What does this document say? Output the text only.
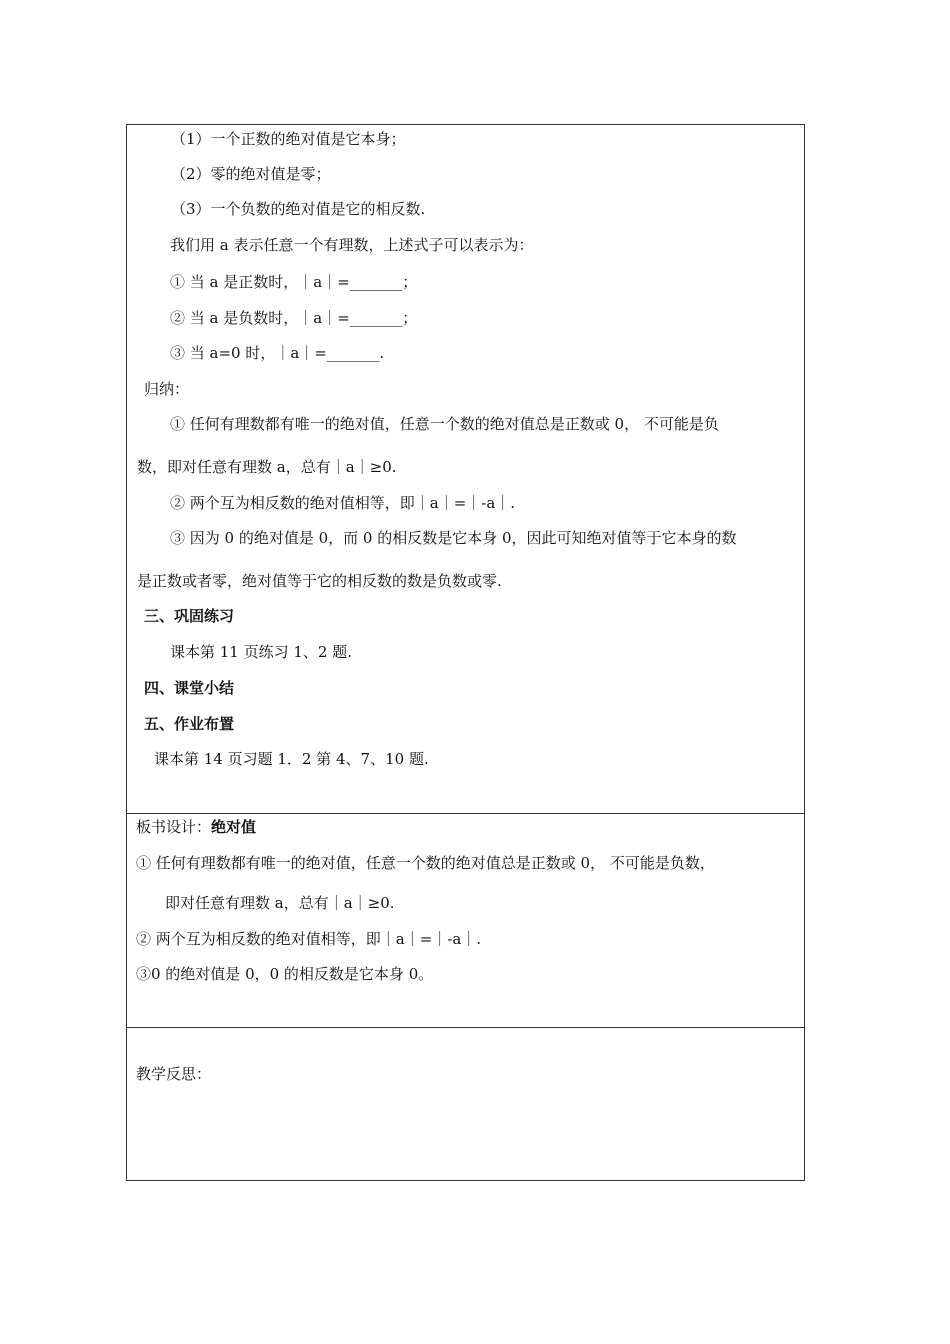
（1）一个正数的绝对值是它本身；
（2）零的绝对值是零；
（3）一个负数的绝对值是它的相反数.
我们用 a 表示任意一个有理数，上述式子可以表示为：
① 当 a 是正数时，｜a｜=_______；
② 当 a 是负数时，｜a｜=_______；
③ 当 a=0 时，｜a｜=_______.
归纳：
① 任何有理数都有唯一的绝对值，任意一个数的绝对值总是正数或 0， 不可能是负
数，即对任意有理数 a，总有｜a｜≥0.
② 两个互为相反数的绝对值相等，即｜a｜=｜-a｜.
③ 因为 0 的绝对值是 0，而 0 的相反数是它本身 0，因此可知绝对值等于它本身的数
是正数或者零，绝对值等于它的相反数的数是负数或零.
三、巩固练习
课本第 11 页练习 1、2 题.
四、课堂小结
五、作业布置
课本第 14 页习题 1．2 第 4、7、10 题.
板书设计：绝对值
① 任何有理数都有唯一的绝对值，任意一个数的绝对值总是正数或 0， 不可能是负数，
即对任意有理数 a，总有｜a｜≥0.
② 两个互为相反数的绝对值相等，即｜a｜=｜-a｜.
③0 的绝对值是 0，0 的相反数是它本身 0。
教学反思：
